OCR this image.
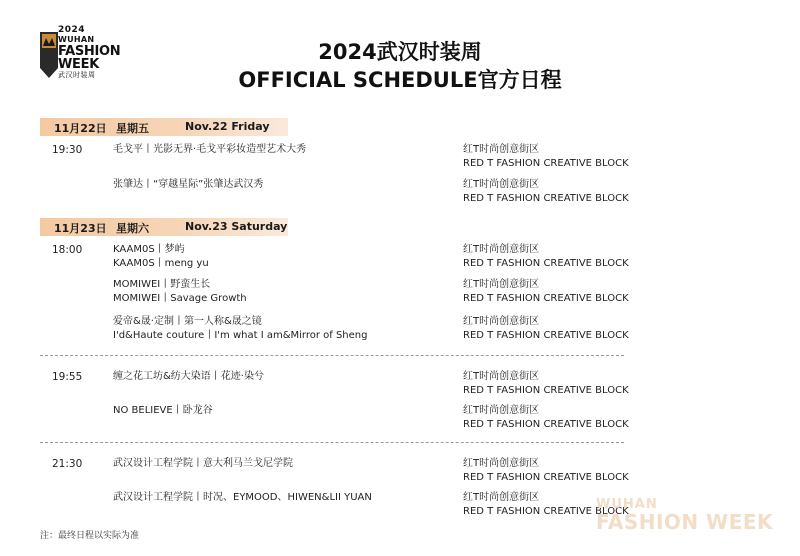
2024
WUHAN
FASHION
WEEK
武汉时装周
2024武汉时装周
OFFICIAL SCHEDULE官方日程
11月22日 星期五	Nov.22 Friday
19:30	毛戈平丨光影无界·毛戈平彩妆造型艺术大秀	红T时尚创意街区
RED T FASHION CREATIVE BLOCK
张肇达丨“穿越星际”张肇达武汉秀	红T时尚创意街区
RED T FASHION CREATIVE BLOCK
11月23日 星期六	Nov.23 Saturday
18:00	KAAM0S丨梦屿
KAAM0S丨meng yu
红T时尚创意街区
RED T FASHION CREATIVE BLOCK
MOMIWEI丨野蛮生长
MOMIWEI丨Savage Growth
红T时尚创意街区
RED T FASHION CREATIVE BLOCK
爱帝&晟·定制丨第一人称&晟之镜
I'd&Haute couture丨I'm what I am&Mirror of Sheng
红T时尚创意街区
RED T FASHION CREATIVE BLOCK
19:55	缠之花工坊&纺大染语丨花迹·染兮	红T时尚创意街区
RED T FASHION CREATIVE BLOCK
NO BELIEVE丨卧龙谷	红T时尚创意街区
RED T FASHION CREATIVE BLOCK
21:30	武汉设计工程学院丨意大利马兰戈尼学院	红T时尚创意街区
RED T FASHION CREATIVE BLOCK
武汉设计工程学院丨时况、EYMOOD、HIWEN&LII YUAN	红T时尚创意街区
RED T FASHION CREATIVE BLOCK
WUHAN
FASHION WEEK
注：最终日程以实际为准
